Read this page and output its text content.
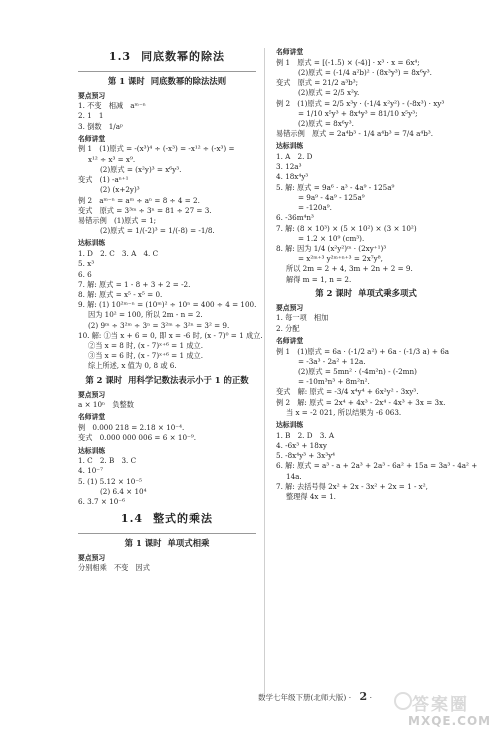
1.3 同底数幂的除法
第 1 课时 同底数幂的除法法则
要点预习
1. 不变　相减　aᵐ⁻ⁿ
2. 1　1
3. 倒数　1/aᵖ
名师讲堂
例 1　(1)原式 = -(x³)⁴ ÷ (-x³) = -x¹² ÷ (-x³) =
x¹² ÷ x³ = x⁹.
(2)原式 = (x²y)³ = x⁶y³.
变式　(1) -aⁿ⁺¹
(2) (x+2y)³
例 2　aᵐ⁻ⁿ = aᵐ ÷ aⁿ = 8 ÷ 4 = 2.
变式　原式 = 3³ᵐ ÷ 3ⁿ = 81 ÷ 27 = 3.
易错示例　(1)原式 = 1;
(2)原式 = 1/(-2)³ = 1/(-8) = -1/8.
达标训练
1. D　2. C　3. A　4. C
5. x³
6. 6
7. 解: 原式 = 1 - 8 + 3 + 2 = -2.
8. 解: 原式 = x⁵ - x⁵ = 0.
9. 解: (1) 10²ᵐ⁻ⁿ = (10ᵐ)² ÷ 10ⁿ = 400 ÷ 4 = 100.
因为 10² = 100, 所以 2m - n = 2.
(2) 9ᵐ ÷ 3²ᵐ ÷ 3ⁿ = 3²ᵐ ÷ 3²ⁿ = 3² = 9.
10. 解: ①当 x + 6 = 0, 即 x = -6 时, (x - 7)⁰ = 1 成立.
②当 x = 8 时, (x - 7)ˣ⁺⁶ = 1 成立.
③当 x = 6 时, (x - 7)ˣ⁺⁶ = 1 成立.
综上所述, x 值为 0, 8 或 6.
第 2 课时 用科学记数法表示小于 1 的正数
要点预习
a × 10ⁿ　负整数
名师讲堂
例　0.000 218 = 2.18 × 10⁻⁴.
变式　0.000 000 006 = 6 × 10⁻⁹.
达标训练
1. C　2. B　3. C
4. 10⁻⁷
5. (1) 5.12 × 10⁻⁵
(2) 6.4 × 10⁴
6. 3.7 × 10⁻⁶
1.4 整式的乘法
第 1 课时 单项式相乘
要点预习
分别相乘　不变　因式
名师讲堂
例 1　原式 = [(-1.5) × (-4)] · x³ · x = 6x⁴;
(2)原式 = (-1/4 a²b)² · (8x³y³) = 8x⁶y³.
变式　原式 = 21/2 a³b³;
(2)原式 = 2/5 x²y.
例 2　(1)原式 = 2/5 x³y · (-1/4 x²y²) - (-8x³) · xy³
= 1/10 x⁵y³ + 8x⁴y³ = 81/10 x⁵y³;
(2)原式 = 8x⁶y³.
易错示例　原式 = 2a⁴b³ - 1/4 a⁴b³ = 7/4 a⁴b³.
达标训练
1. A　2. D
3. 12a³
4. 18x⁴y³
5. 解: 原式 = 9a⁶ · a³ - 4a⁹ - 125a⁹
= 9a⁹ - 4a⁹ - 125a⁹
= -120a⁹.
6. -36m⁴n³
7. 解: (8 × 10³) × (5 × 10²) × (3 × 10²)
= 1.2 × 10⁹ (cm³).
8. 解: 因为 1/4 (x²y²)ᵐ · (2xy⁺¹)³
= x²ᵐ⁺³ y²ᵐ⁺ⁿ⁺³ = 2x⁷y⁸,
所以 2m = 2 + 4, 3m + 2n + 2 = 9.
解得 m = 1, n = 2.
第 2 课时 单项式乘多项式
要点预习
1. 每一项　相加
2. 分配
名师讲堂
例 1　(1)原式 = 6a · (-1/2 a²) + 6a · (-1/3 a) + 6a
= -3a³ - 2a² + 12a.
(2)原式 = 5mn² · (-4m²n) - (-2mn)
= -10m³n³ + 8m²n².
变式　解: 原式 = -3/4 x⁴y⁴ + 6x²y² - 3xy³.
例 2　解: 原式 = 2x⁴ + 4x³ - 2x⁴ - 4x³ + 3x = 3x.
当 x = -2 021, 所以结果为 -6 063.
达标训练
1. B　2. D　3. A
4. -6x³ + 18xy
5. -8x⁴y³ + 3x³y⁴
6. 解: 原式 = a³ - a + 2a³ + 2a³ - 6a² + 15a = 3a³ - 4a² +
14a.
7. 解: 去括号得 2x² + 2x - 3x² + 2x = 1 - x²,
整理得 4x = 1.
数学七年级下册(北师大版) · 2 · 答案圈
MXQE.COM
